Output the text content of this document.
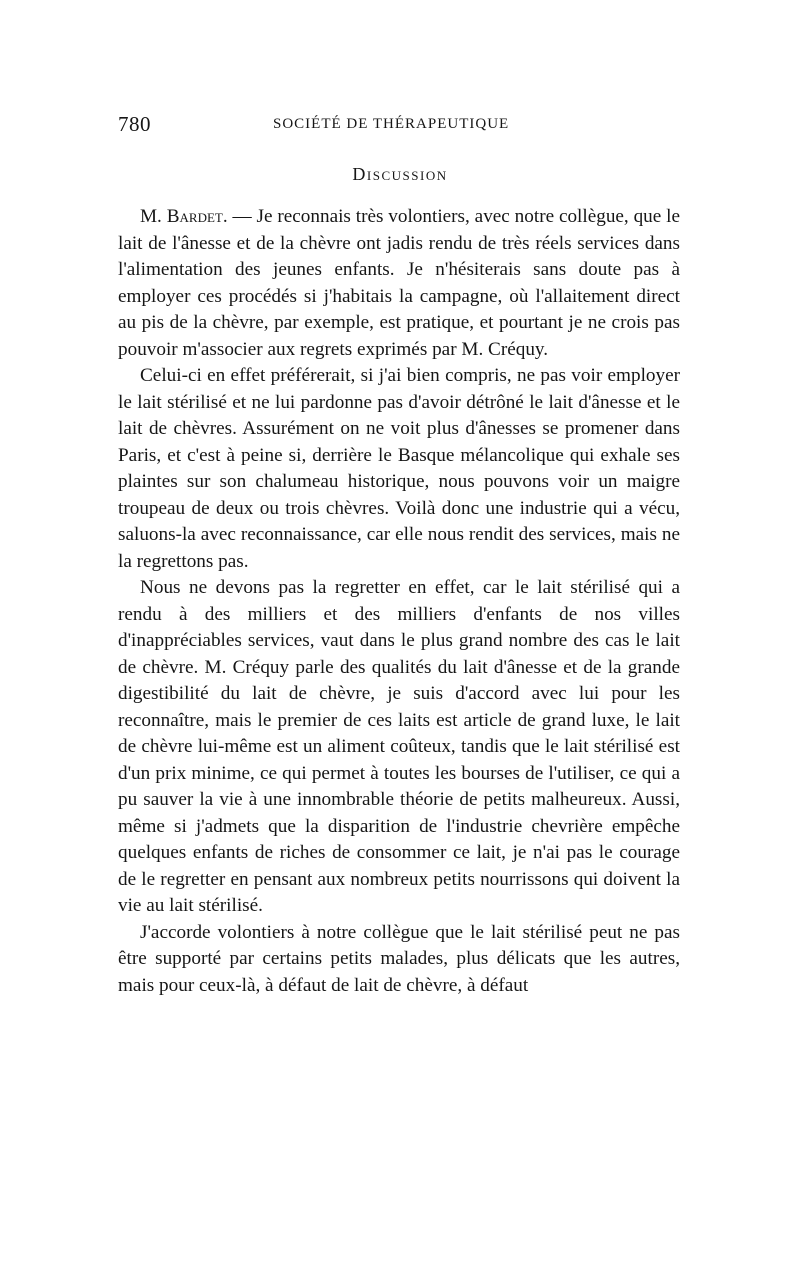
780	SOCIÉTÉ DE THÉRAPEUTIQUE
Discussion

M. Bardet. — Je reconnais très volontiers, avec notre collègue, que le lait de l'ânesse et de la chèvre ont jadis rendu de très réels services dans l'alimentation des jeunes enfants. Je n'hésiterais sans doute pas à employer ces procédés si j'habitais la campagne, où l'allaitement direct au pis de la chèvre, par exemple, est pratique, et pourtant je ne crois pas pouvoir m'associer aux regrets exprimés par M. Créquy.

Celui-ci en effet préférerait, si j'ai bien compris, ne pas voir employer le lait stérilisé et ne lui pardonne pas d'avoir détrôné le lait d'ânesse et le lait de chèvres. Assurément on ne voit plus d'ânesses se promener dans Paris, et c'est à peine si, derrière le Basque mélancolique qui exhale ses plaintes sur son chalumeau historique, nous pouvons voir un maigre troupeau de deux ou trois chèvres. Voilà donc une industrie qui a vécu, saluons-la avec reconnaissance, car elle nous rendit des services, mais ne la regrettons pas.

Nous ne devons pas la regretter en effet, car le lait stérilisé qui a rendu à des milliers et des milliers d'enfants de nos villes d'inappréciables services, vaut dans le plus grand nombre des cas le lait de chèvre. M. Créquy parle des qualités du lait d'ânesse et de la grande digestibilité du lait de chèvre, je suis d'accord avec lui pour les reconnaître, mais le premier de ces laits est article de grand luxe, le lait de chèvre lui-même est un aliment coûteux, tandis que le lait stérilisé est d'un prix minime, ce qui permet à toutes les bourses de l'utiliser, ce qui a pu sauver la vie à une innombrable théorie de petits malheureux. Aussi, même si j'admets que la disparition de l'industrie chevrière empêche quelques enfants de riches de consommer ce lait, je n'ai pas le courage de le regretter en pensant aux nombreux petits nourrissons qui doivent la vie au lait stérilisé.

J'accorde volontiers à notre collègue que le lait stérilisé peut ne pas être supporté par certains petits malades, plus délicats que les autres, mais pour ceux-là, à défaut de lait de chèvre, à défaut
